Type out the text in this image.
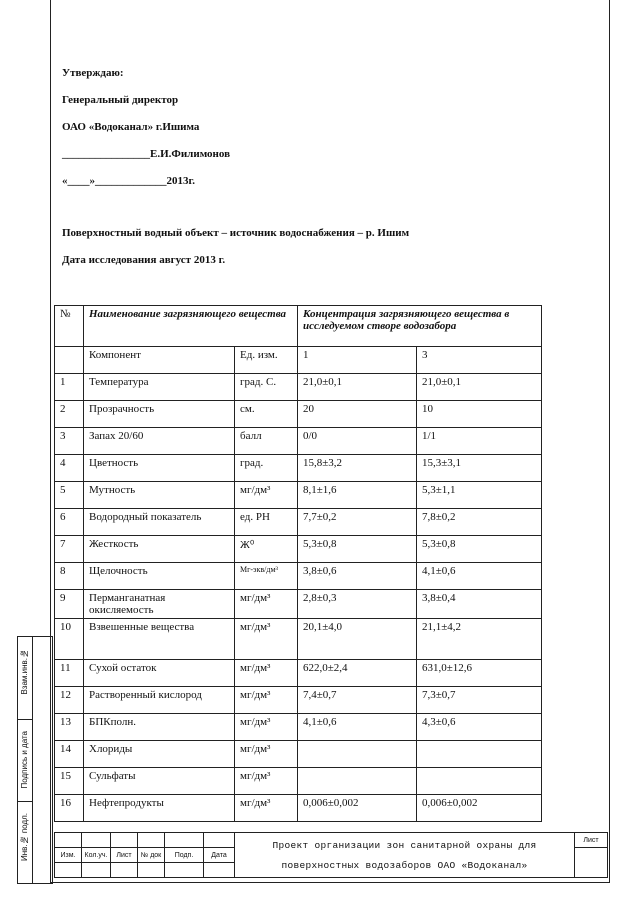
Утверждаю:
Генеральный директор
ОАО «Водоканал» г.Ишима
________________Е.И.Филимонов
«____»_____________2013г.
Поверхностный водный объект – источник водоснабжения – р. Ишим
Дата исследования август 2013 г.
№	Наименование загрязняющего вещества		Концентрация загрязняющего вещества в исследуемом створе водозабора	
	Компонент	Ед. изм.	1	3
1	Температура	град. С.	21,0±0,1	21,0±0,1
2	Прозрачность	см.	20	10
3	Запах 20/60	балл	0/0	1/1
4	Цветность	град.	15,8±3,2	15,3±3,1
5	Мутность	мг/дм³	8,1±1,6	5,3±1,1
6	Водородный показатель	ед. РН	7,7±0,2	7,8±0,2
7	Жесткость	Ж⁰	5,3±0,8	5,3±0,8
8	Щелочность	Мг-экв/дм³	3,8±0,6	4,1±0,6
9	Перманганатная окисляемость	мг/дм³	2,8±0,3	3,8±0,4
10	Взвешенные вещества	мг/дм³	20,1±4,0	21,1±4,2
11	Сухой остаток	мг/дм³	622,0±2,4	631,0±12,6
12	Растворенный кислород	мг/дм³	7,4±0,7	7,3±0,7
13	БПКполн.	мг/дм³	4,1±0,6	4,3±0,6
14	Хлориды	мг/дм³		
15	Сульфаты	мг/дм³		
16	Нефтепродукты	мг/дм³	0,006±0,002	0,006±0,002
Взам.инв.№
Подпись и дата
Инв.№ подл.

						Проект организации зон санитарной охраны для
поверхностных водозаборов ОАО «Водоканал»	Лист
Изм.	Кол.уч.	Лист	№ док	Подп.	Дата		
